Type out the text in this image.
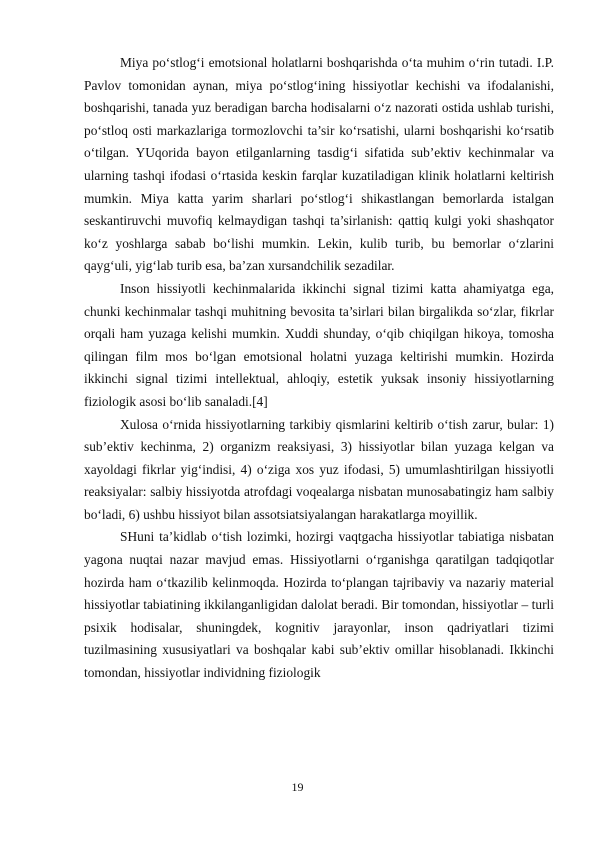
Miya po‘stlog‘i emotsional holatlarni boshqarishda o‘ta muhim o‘rin tutadi. I.P. Pavlov tomonidan aynan, miya po‘stlog‘ining hissiyotlar kechishi va ifodalanishi, boshqarishi, tanada yuz beradigan barcha hodisalarni o‘z nazorati ostida ushlab turishi, po‘stloq osti markazlariga tormozlovchi ta’sir ko‘rsatishi, ularni boshqarishi ko‘rsatib o‘tilgan. YUqorida bayon etilganlarning tasdig‘i sifatida sub’ektiv kechinmalar va ularning tashqi ifodasi o‘rtasida keskin farqlar kuzatiladigan klinik holatlarni keltirish mumkin. Miya katta yarim sharlari po‘stlog‘i shikastlangan bemorlarda istalgan seskantiruvchi muvofiq kelmaydigan tashqi ta’sirlanish: qattiq kulgi yoki shashqator ko‘z yoshlarga sabab bo‘lishi mumkin. Lekin, kulib turib, bu bemorlar o‘zlarini qayg‘uli, yig‘lab turib esa, ba’zan xursandchilik sezadilar.

Inson hissiyotli kechinmalarida ikkinchi signal tizimi katta ahamiyatga ega, chunki kechinmalar tashqi muhitning bevosita ta’sirlari bilan birgalikda so‘zlar, fikrlar orqali ham yuzaga kelishi mumkin. Xuddi shunday, o‘qib chiqilgan hikoya, tomosha qilingan film mos bo‘lgan emotsional holatni yuzaga keltirishi mumkin. Hozirda ikkinchi signal tizimi intellektual, ahloqiy, estetik yuksak insoniy hissiyotlarning fiziologik asosi bo‘lib sanaladi.[4]

Xulosa o‘rnida hissiyotlarning tarkibiy qismlarini keltirib o‘tish zarur, bular: 1) sub’ektiv kechinma, 2) organizm reaksiyasi, 3) hissiyotlar bilan yuzaga kelgan va xayoldagi fikrlar yig‘indisi, 4) o‘ziga xos yuz ifodasi, 5) umumlashtirilgan hissiyotli reaksiyalar: salbiy hissiyotda atrofdagi voqealarga nisbatan munosabatingiz ham salbiy bo‘ladi, 6) ushbu hissiyot bilan assotsiatsiyalangan harakatlarga moyillik.

SHuni ta’kidlab o‘tish lozimki, hozirgi vaqtgacha hissiyotlar tabiatiga nisbatan yagona nuqtai nazar mavjud emas. Hissiyotlarni o‘rganishga qaratilgan tadqiqotlar hozirda ham o‘tkazilib kelinmoqda. Hozirda to‘plangan tajribaviy va nazariy material hissiyotlar tabiatining ikkilanganligidan dalolat beradi. Bir tomondan, hissiyotlar – turli psixik hodisalar, shuningdek, kognitiv jarayonlar, inson qadriyatlari tizimi tuzilmasining xususiyatlari va boshqalar kabi sub’ektiv omillar hisoblanadi. Ikkinchi tomondan, hissiyotlar individning fiziologik

19
